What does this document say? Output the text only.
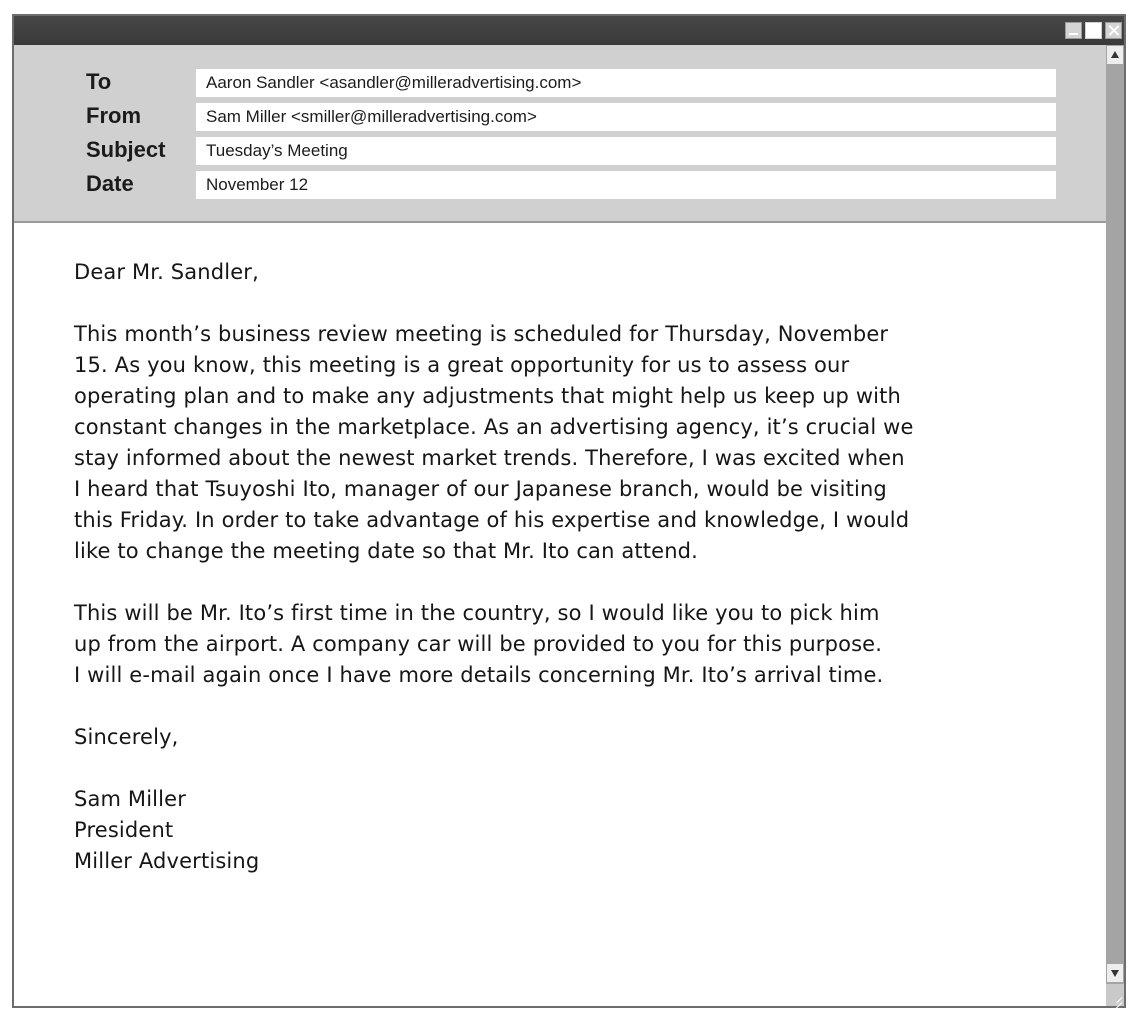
To	Aaron Sandler <asandler@milleradvertising.com>
From	Sam Miller <smiller@milleradvertising.com>
Subject	Tuesday’s Meeting
Date	November 12

Dear Mr. Sandler,

This month’s business review meeting is scheduled for Thursday, November
15. As you know, this meeting is a great opportunity for us to assess our
operating plan and to make any adjustments that might help us keep up with
constant changes in the marketplace. As an advertising agency, it’s crucial we
stay informed about the newest market trends. Therefore, I was excited when
I heard that Tsuyoshi Ito, manager of our Japanese branch, would be visiting
this Friday. In order to take advantage of his expertise and knowledge, I would
like to change the meeting date so that Mr. Ito can attend.

This will be Mr. Ito’s first time in the country, so I would like you to pick him
up from the airport. A company car will be provided to you for this purpose.
I will e-mail again once I have more details concerning Mr. Ito’s arrival time.

Sincerely,

Sam Miller

President

Miller Advertising
